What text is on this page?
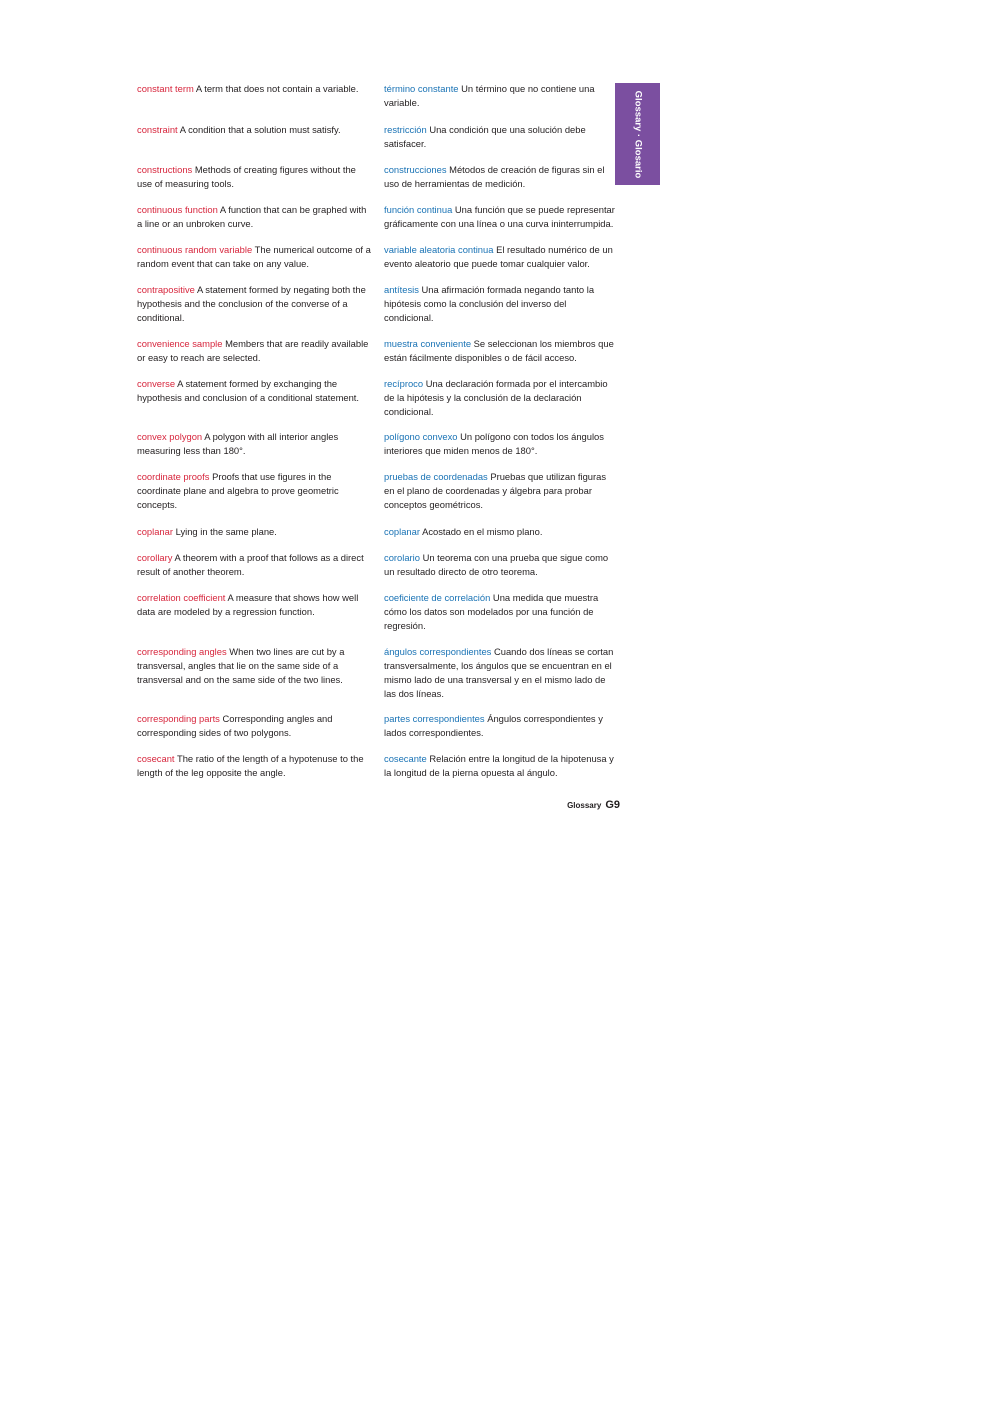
constant term A term that does not contain a variable.
constraint A condition that a solution must satisfy.
constructions Methods of creating figures without the use of measuring tools.
continuous function A function that can be graphed with a line or an unbroken curve.
continuous random variable The numerical outcome of a random event that can take on any value.
contrapositive A statement formed by negating both the hypothesis and the conclusion of the converse of a conditional.
convenience sample Members that are readily available or easy to reach are selected.
converse A statement formed by exchanging the hypothesis and conclusion of a conditional statement.
convex polygon A polygon with all interior angles measuring less than 180°.
coordinate proofs Proofs that use figures in the coordinate plane and algebra to prove geometric concepts.
coplanar Lying in the same plane.
corollary A theorem with a proof that follows as a direct result of another theorem.
correlation coefficient A measure that shows how well data are modeled by a regression function.
corresponding angles When two lines are cut by a transversal, angles that lie on the same side of a transversal and on the same side of the two lines.
corresponding parts Corresponding angles and corresponding sides of two polygons.
cosecant The ratio of the length of a hypotenuse to the length of the leg opposite the angle.
término constante Un término que no contiene una variable.
restricción Una condición que una solución debe satisfacer.
construcciones Métodos de creación de figuras sin el uso de herramientas de medición.
función continua Una función que se puede representar gráficamente con una línea o una curva ininterrumpida.
variable aleatoria continua El resultado numérico de un evento aleatorio que puede tomar cualquier valor.
antítesis Una afirmación formada negando tanto la hipótesis como la conclusión del inverso del condicional.
muestra conveniente Se seleccionan los miembros que están fácilmente disponibles o de fácil acceso.
recíproco Una declaración formada por el intercambio de la hipótesis y la conclusión de la declaración condicional.
polígono convexo Un polígono con todos los ángulos interiores que miden menos de 180°.
pruebas de coordenadas Pruebas que utilizan figuras en el plano de coordenadas y álgebra para probar conceptos geométricos.
coplanar Acostado en el mismo plano.
corolario Un teorema con una prueba que sigue como un resultado directo de otro teorema.
coeficiente de correlación Una medida que muestra cómo los datos son modelados por una función de regresión.
ángulos correspondientes Cuando dos líneas se cortan transversalmente, los ángulos que se encuentran en el mismo lado de una transversal y en el mismo lado de las dos líneas.
partes correspondientes Ángulos correspondientes y lados correspondientes.
cosecante Relación entre la longitud de la hipotenusa y la longitud de la pierna opuesta al ángulo.
Glossary · Glosario
Glossary G9
